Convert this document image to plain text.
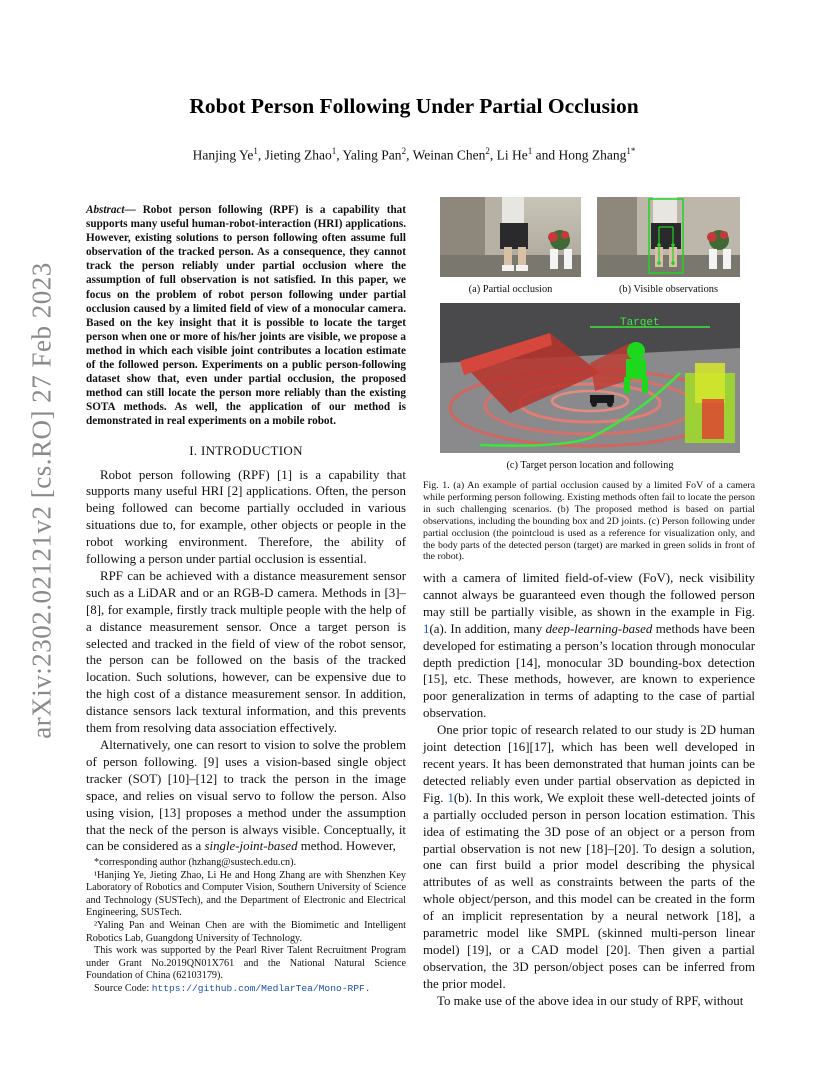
arXiv:2302.02121v2 [cs.RO] 27 Feb 2023
Robot Person Following Under Partial Occlusion
Hanjing Ye$^1$, Jieting Zhao$^1$, Yaling Pan$^2$, Weinan Chen$^2$, Li He$^1$ and Hong Zhang$^{1*}$

Abstract— Robot person following (RPF) is a capability that supports many useful human-robot-interaction (HRI) applications. However, existing solutions to person following often assume full observation of the tracked person. As a consequence, they cannot track the person reliably under partial occlusion where the assumption of full observation is not satisfied. In this paper, we focus on the problem of robot person following under partial occlusion caused by a limited field of view of a monocular camera. Based on the key insight that it is possible to locate the target person when one or more of his/her joints are visible, we propose a method in which each visible joint contributes a location estimate of the followed person. Experiments on a public person-following dataset show that, even under partial occlusion, the proposed method can still locate the person more reliably than the existing SOTA methods. As well, the application of our method is demonstrated in real experiments on a mobile robot.

I. INTRODUCTION

Robot person following (RPF) [1] is a capability that supports many useful HRI [2] applications. Often, the person being followed can become partially occluded in various situations due to, for example, other objects or people in the robot working environment. Therefore, the ability of following a person under partial occlusion is essential.

RPF can be achieved with a distance measurement sensor such as a LiDAR and or an RGB-D camera. Methods in [3]–[8], for example, firstly track multiple people with the help of a distance measurement sensor. Once a target person is selected and tracked in the field of view of the robot sensor, the person can be followed on the basis of the tracked location. Such solutions, however, can be expensive due to the high cost of a distance measurement sensor. In addition, distance sensors lack textural information, and this prevents them from resolving data association effectively.

Alternatively, one can resort to vision to solve the problem of person following. [9] uses a vision-based single object tracker (SOT) [10]–[12] to track the person in the image space, and relies on visual servo to follow the person. Also using vision, [13] proposes a method under the assumption that the neck of the person is always visible. Conceptually, it can be considered as a single-joint-based method. However,

*corresponding author (hzhang@sustech.edu.cn).

¹Hanjing Ye, Jieting Zhao, Li He and Hong Zhang are with Shenzhen Key Laboratory of Robotics and Computer Vision, Southern University of Science and Technology (SUSTech), and the Department of Electronic and Electrical Engineering, SUSTech.

²Yaling Pan and Weinan Chen are with the Biomimetic and Intelligent Robotics Lab, Guangdong University of Technology.

This work was supported by the Pearl River Talent Recruitment Program under Grant No.2019QN01X761 and the National Natural Science Foundation of China (62103179).

Source Code: https://github.com/MedlarTea/Mono-RPF.

(a) Partial occlusion	(b) Visible observations
Target
(c) Target person location and following

Fig. 1. (a) An example of partial occlusion caused by a limited FoV of a camera while performing person following. Existing methods often fail to locate the person in such challenging scenarios. (b) The proposed method is based on partial observations, including the bounding box and 2D joints. (c) Person following under partial occlusion (the pointcloud is used as a reference for visualization only, and the body parts of the detected person (target) are marked in green solids in front of the robot).

with a camera of limited field-of-view (FoV), neck visibility cannot always be guaranteed even though the followed person may still be partially visible, as shown in the example in Fig. 1(a). In addition, many deep-learning-based methods have been developed for estimating a person’s location through monocular depth prediction [14], monocular 3D bounding-box detection [15], etc. These methods, however, are known to experience poor generalization in terms of adapting to the case of partial observation.

One prior topic of research related to our study is 2D human joint detection [16][17], which has been well developed in recent years. It has been demonstrated that human joints can be detected reliably even under partial observation as depicted in Fig. 1(b). In this work, We exploit these well-detected joints of a partially occluded person in person location estimation. This idea of estimating the 3D pose of an object or a person from partial observation is not new [18]–[20]. To design a solution, one can first build a prior model describing the physical attributes of as well as constraints between the parts of the whole object/person, and this model can be created in the form of an implicit representation by a neural network [18], a parametric model like SMPL (skinned multi-person linear model) [19], or a CAD model [20]. Then given a partial observation, the 3D person/object poses can be inferred from the prior model.

To make use of the above idea in our study of RPF, without
